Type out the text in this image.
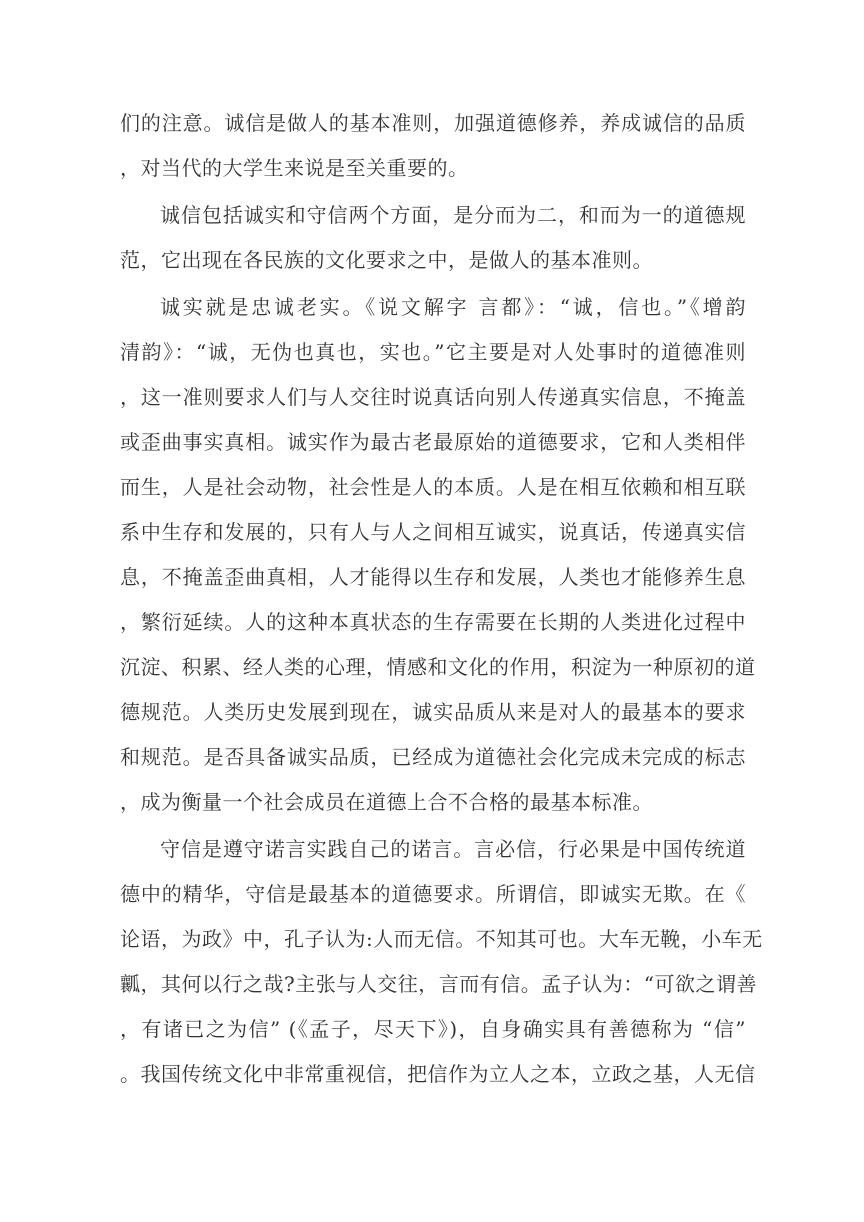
们的注意。诚信是做人的基本准则，加强道德修养，养成诚信的品质
，对当代的大学生来说是至关重要的。
诚信包括诚实和守信两个方面，是分而为二，和而为一的道德规
范，它出现在各民族的文化要求之中，是做人的基本准则。
诚实就是忠诚老实。《说文解字 言都》：“诚，信也。”《增韵
清韵》：“诚，无伪也真也，实也。”它主要是对人处事时的道德准则
，这一准则要求人们与人交往时说真话向别人传递真实信息，不掩盖
或歪曲事实真相。诚实作为最古老最原始的道德要求，它和人类相伴
而生，人是社会动物，社会性是人的本质。人是在相互依赖和相互联
系中生存和发展的，只有人与人之间相互诚实，说真话，传递真实信
息，不掩盖歪曲真相，人才能得以生存和发展，人类也才能修养生息
，繁衍延续。人的这种本真状态的生存需要在长期的人类进化过程中
沉淀、积累、经人类的心理，情感和文化的作用，积淀为一种原初的道
德规范。人类历史发展到现在，诚实品质从来是对人的最基本的要求
和规范。是否具备诚实品质，已经成为道德社会化完成未完成的标志
，成为衡量一个社会成员在道德上合不合格的最基本标准。
守信是遵守诺言实践自己的诺言。言必信，行必果是中国传统道
德中的精华，守信是最基本的道德要求。所谓信，即诚实无欺。在《
论语，为政》中，孔子认为:人而无信。不知其可也。大车无鞔，小车无
瓤，其何以行之哉?主张与人交往，言而有信。孟子认为：“可欲之谓善
，有诸已之为信” (《孟子，尽天下》)，自身确实具有善德称为 “信”
。我国传统文化中非常重视信，把信作为立人之本，立政之基，人无信
